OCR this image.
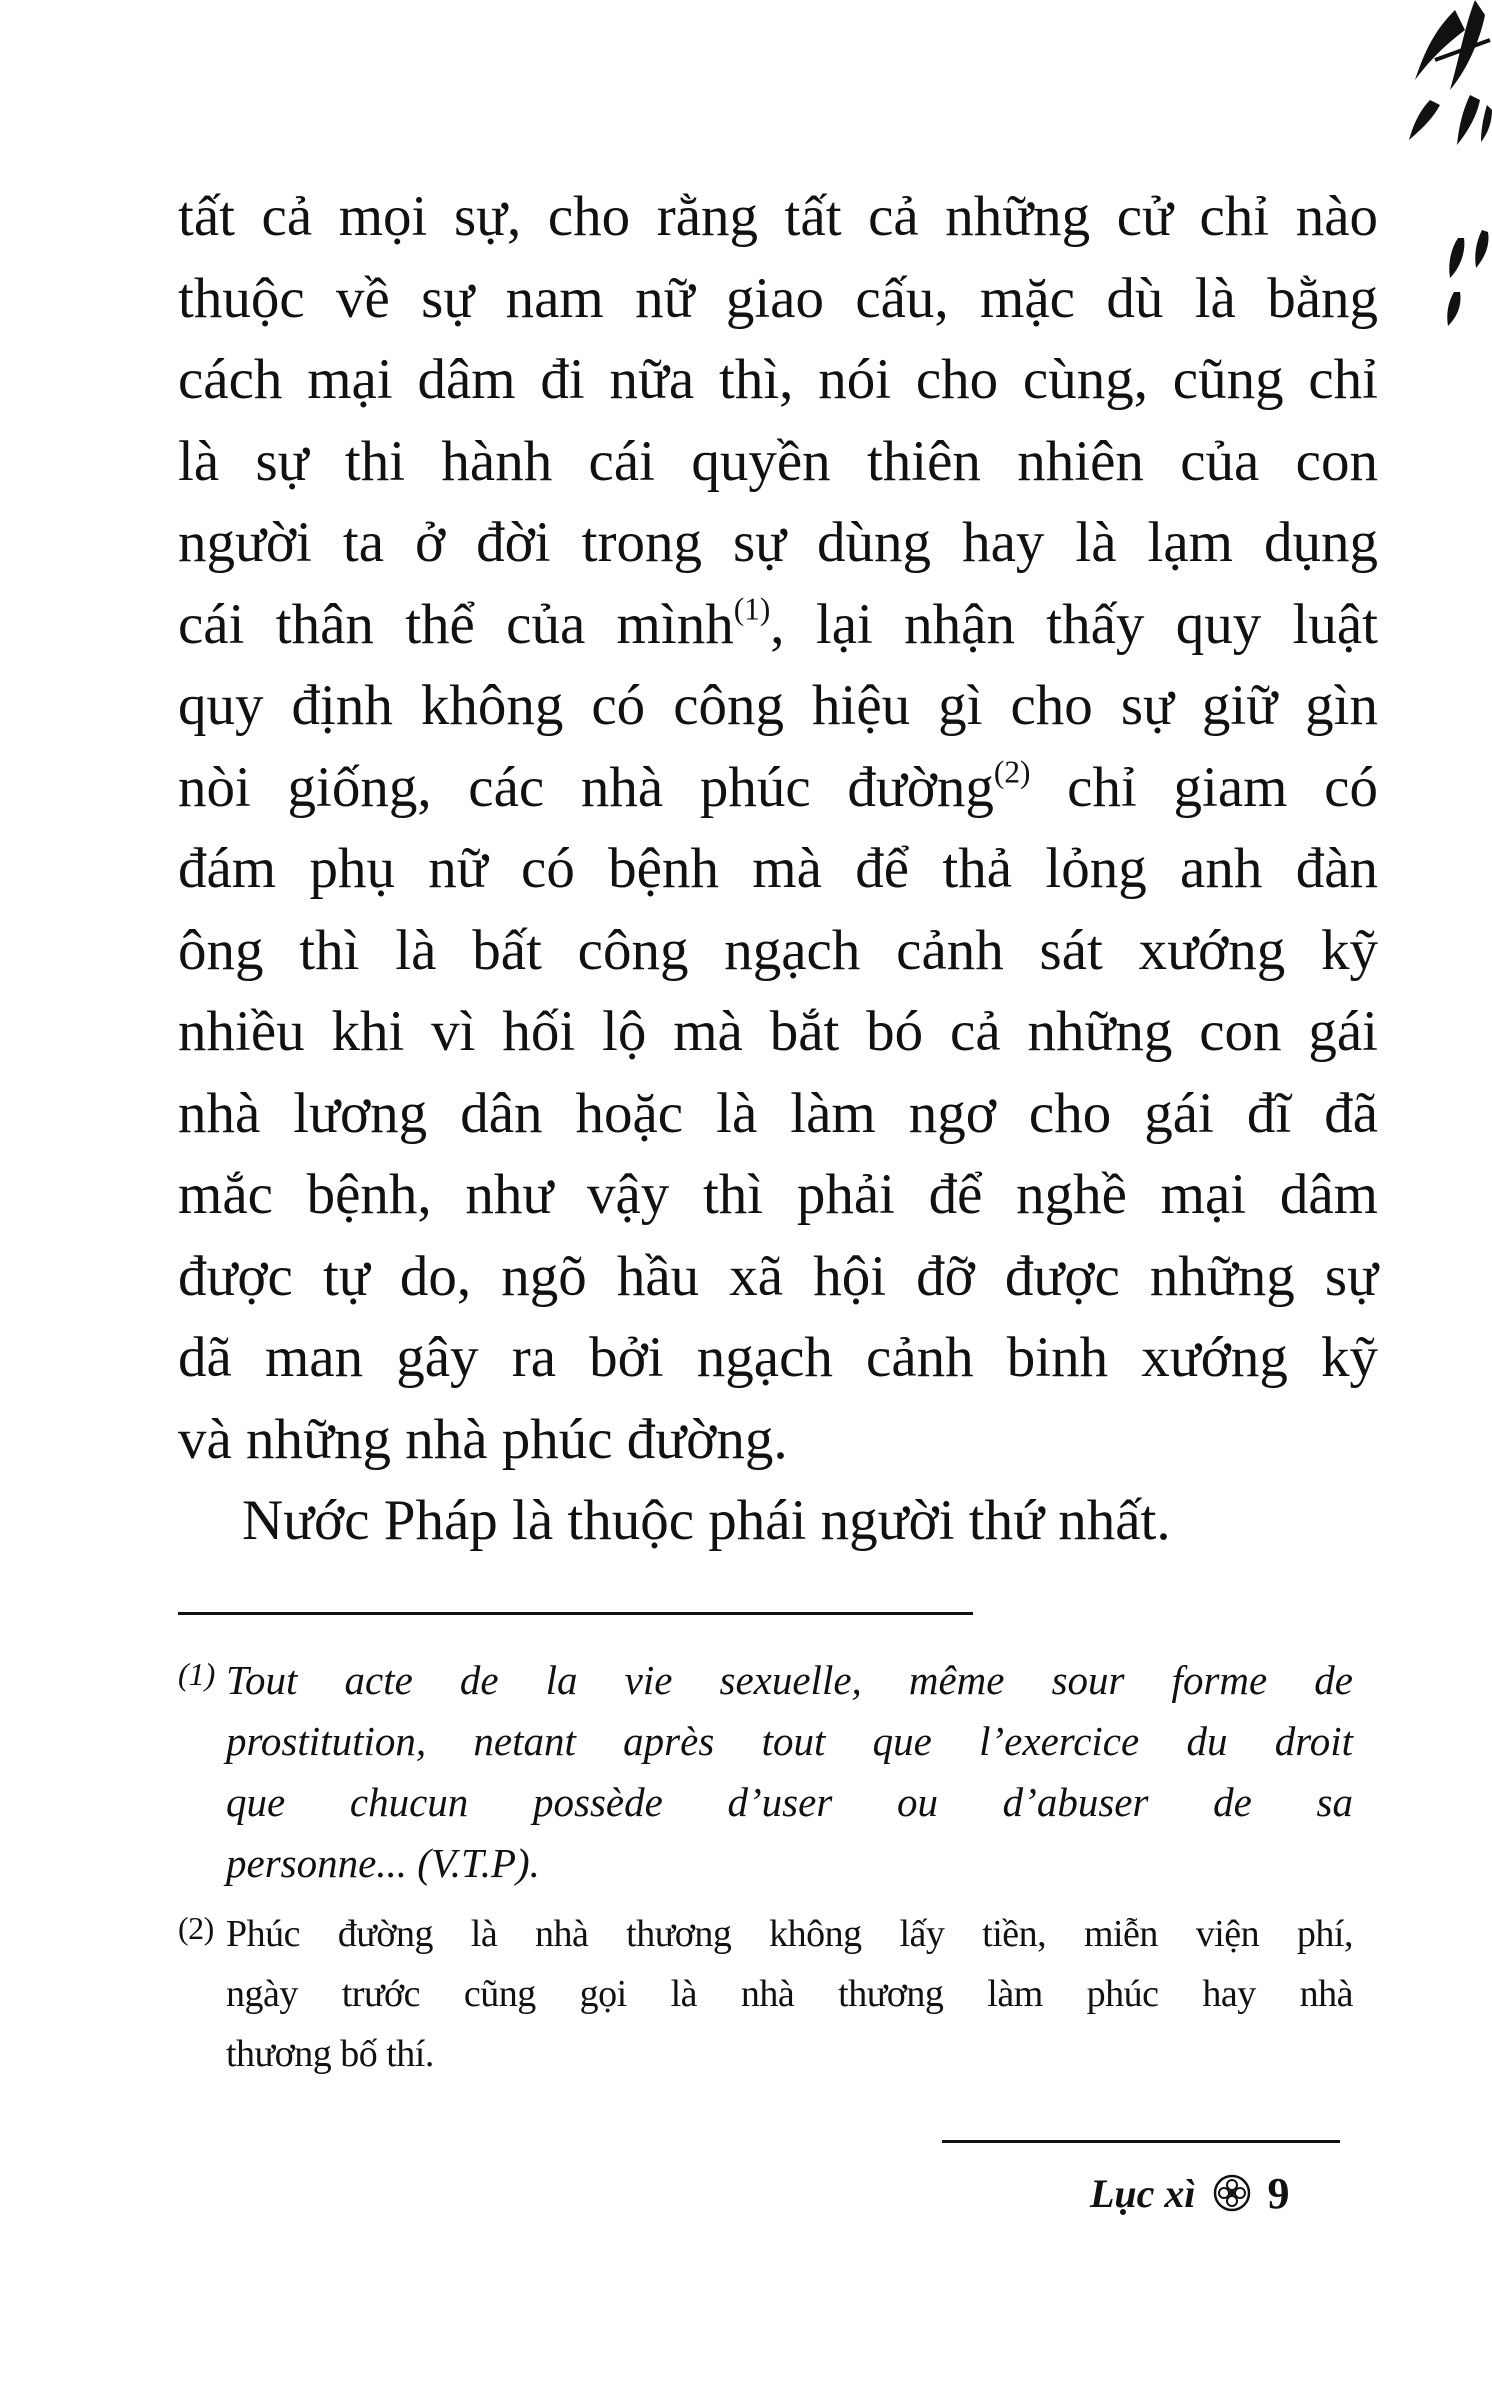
tất cả mọi sự, cho rằng tất cả những cử chỉ nào
thuộc về sự nam nữ giao cấu, mặc dù là bằng
cách mại dâm đi nữa thì, nói cho cùng, cũng chỉ
là sự thi hành cái quyền thiên nhiên của con
người ta ở đời trong sự dùng hay là lạm dụng
cái thân thể của mình$^{(1)}$, lại nhận thấy quy luật
quy định không có công hiệu gì cho sự giữ gìn
nòi giống, các nhà phúc đường$^{(2)}$ chỉ giam có
đám phụ nữ có bệnh mà để thả lỏng anh đàn
ông thì là bất công ngạch cảnh sát xướng kỹ
nhiều khi vì hối lộ mà bắt bó cả những con gái
nhà lương dân hoặc là làm ngơ cho gái đĩ đã
mắc bệnh, như vậy thì phải để nghề mại dâm
được tự do, ngõ hầu xã hội đỡ được những sự
dã man gây ra bởi ngạch cảnh binh xướng kỹ
và những nhà phúc đường.
Nước Pháp là thuộc phái người thứ nhất.
(1) Tout acte de la vie sexuelle, même sour forme de
prostitution, netant après tout que l’exercice du droit
que chucun possède d’user ou d’abuser de sa
personne... (V.T.P).
(2) Phúc đường là nhà thương không lấy tiền, miễn viện phí,
ngày trước cũng gọi là nhà thương làm phúc hay nhà
thương bố thí.
Lục xì 9
